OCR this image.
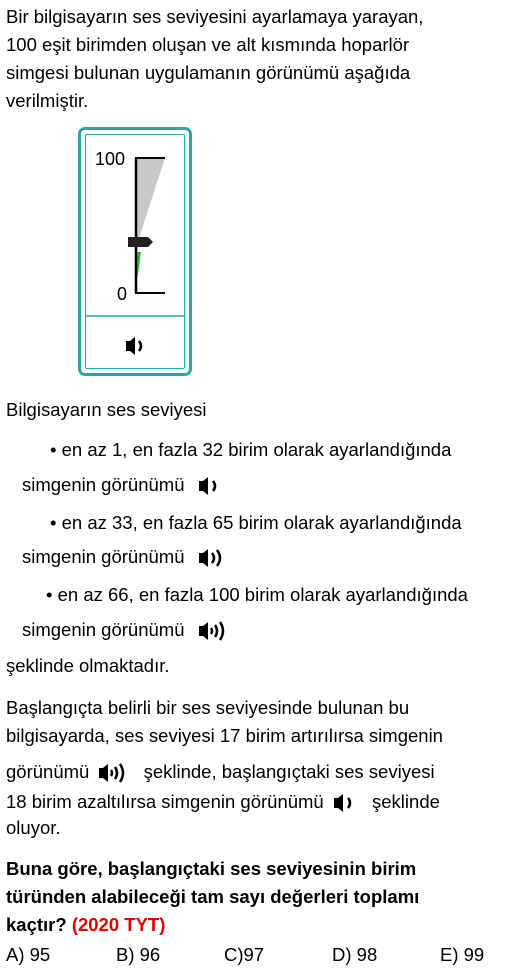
Bir bilgisayarın ses seviyesini ayarlamaya yarayan,
100 eşit birimden oluşan ve alt kısmında hoparlör
simgesi bulunan uygulamanın görünümü aşağıda
verilmiştir.
100
0
Bilgisayarın ses seviyesi
• en az 1, en fazla 32 birim olarak ayarlandığında
simgenin görünümü
• en az 33, en fazla 65 birim olarak ayarlandığında
simgenin görünümü
• en az 66, en fazla 100 birim olarak ayarlandığında
simgenin görünümü
şeklinde olmaktadır.
Başlangıçta belirli bir ses seviyesinde bulunan bu
bilgisayarda, ses seviyesi 17 birim artırılırsa simgenin
görünümü	şeklinde, başlangıçtaki ses seviyesi
18 birim azaltılırsa simgenin görünümü	şeklinde
oluyor.
Buna göre, başlangıçtaki ses seviyesinin birim
türünden alabileceği tam sayı değerleri toplamı
kaçtır? (2020 TYT)
A) 95	B) 96	C)97	D) 98	E) 99
